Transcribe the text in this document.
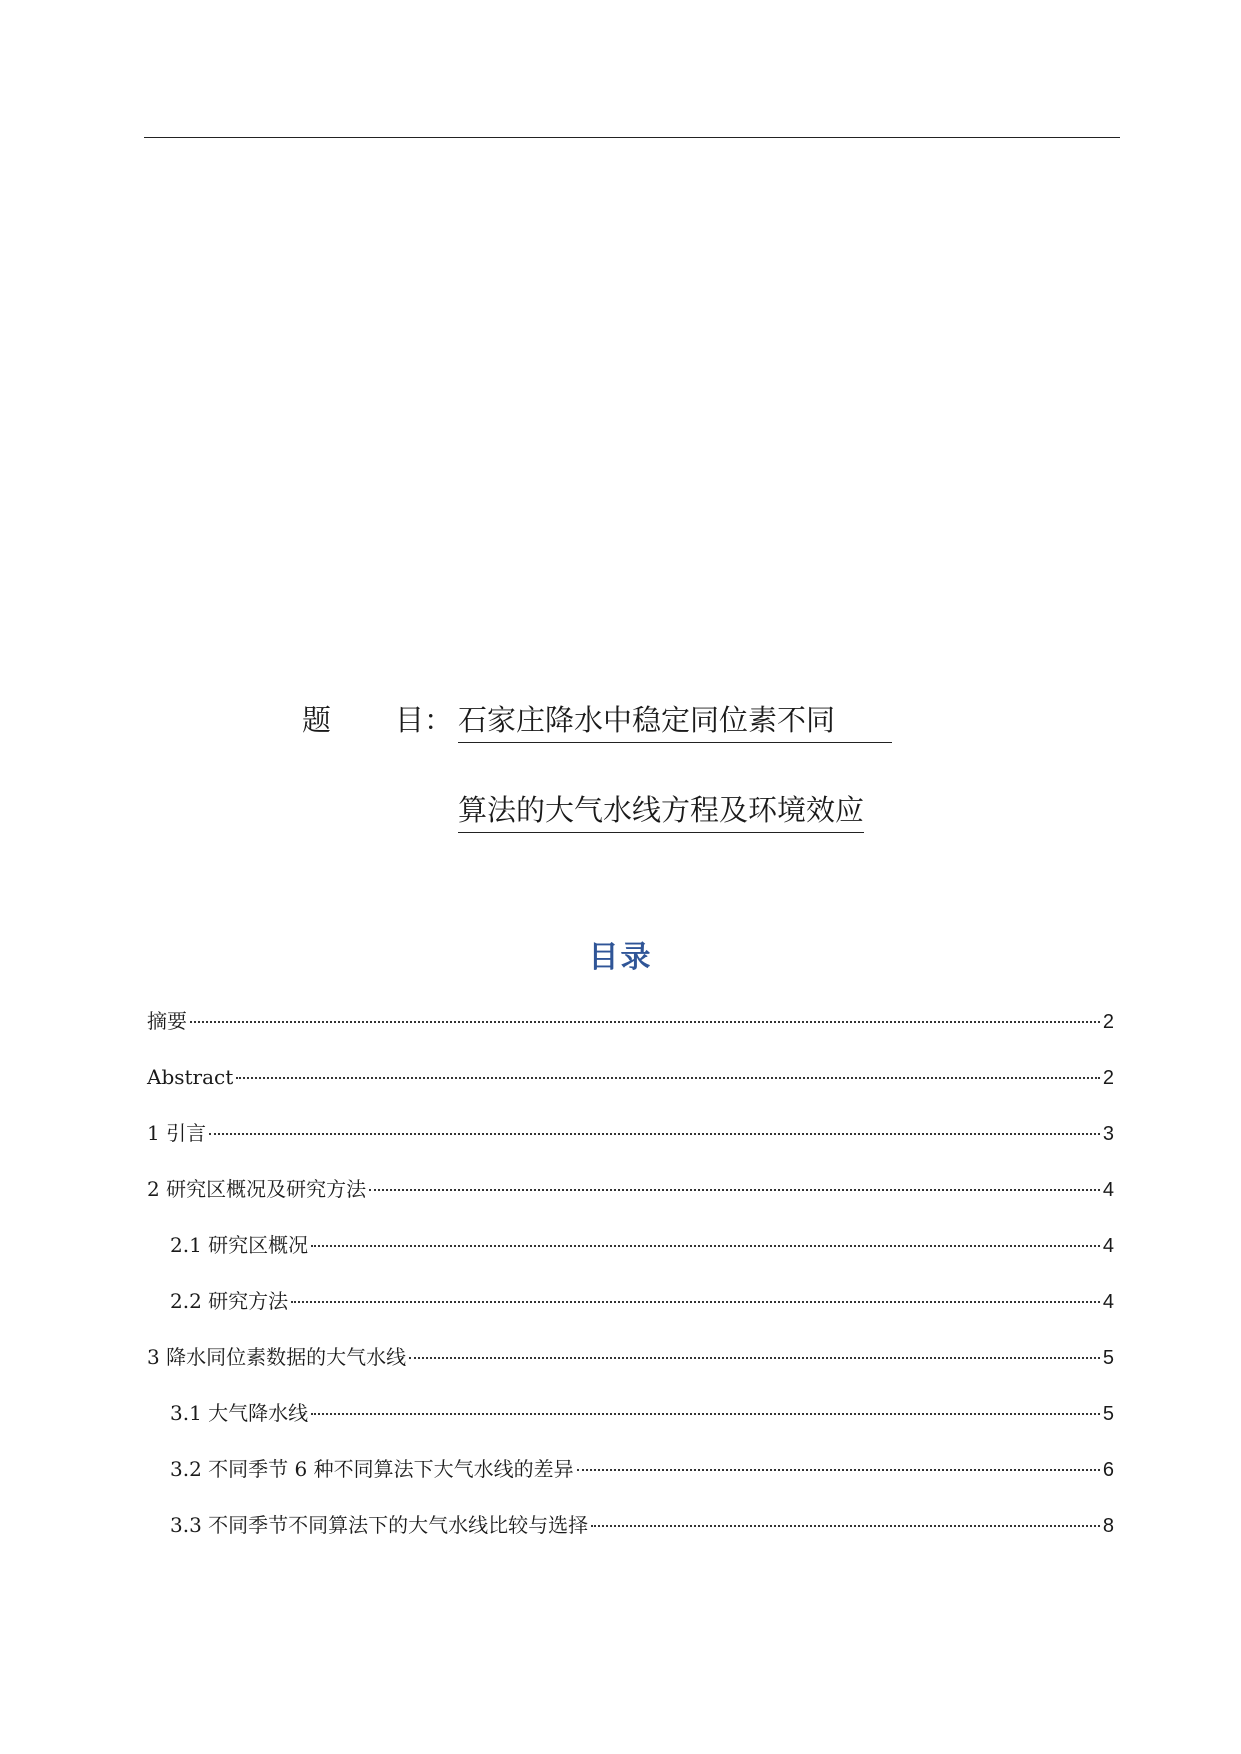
题 目： 石家庄降水中稳定同位素不同
算法的大气水线方程及环境效应
目录
摘要	2
Abstract	2
1 引言	3
2 研究区概况及研究方法	4
2.1 研究区概况	4
2.2 研究方法	4
3 降水同位素数据的大气水线	5
3.1 大气降水线	5
3.2 不同季节 6 种不同算法下大气水线的差异	6
3.3 不同季节不同算法下的大气水线比较与选择	8
